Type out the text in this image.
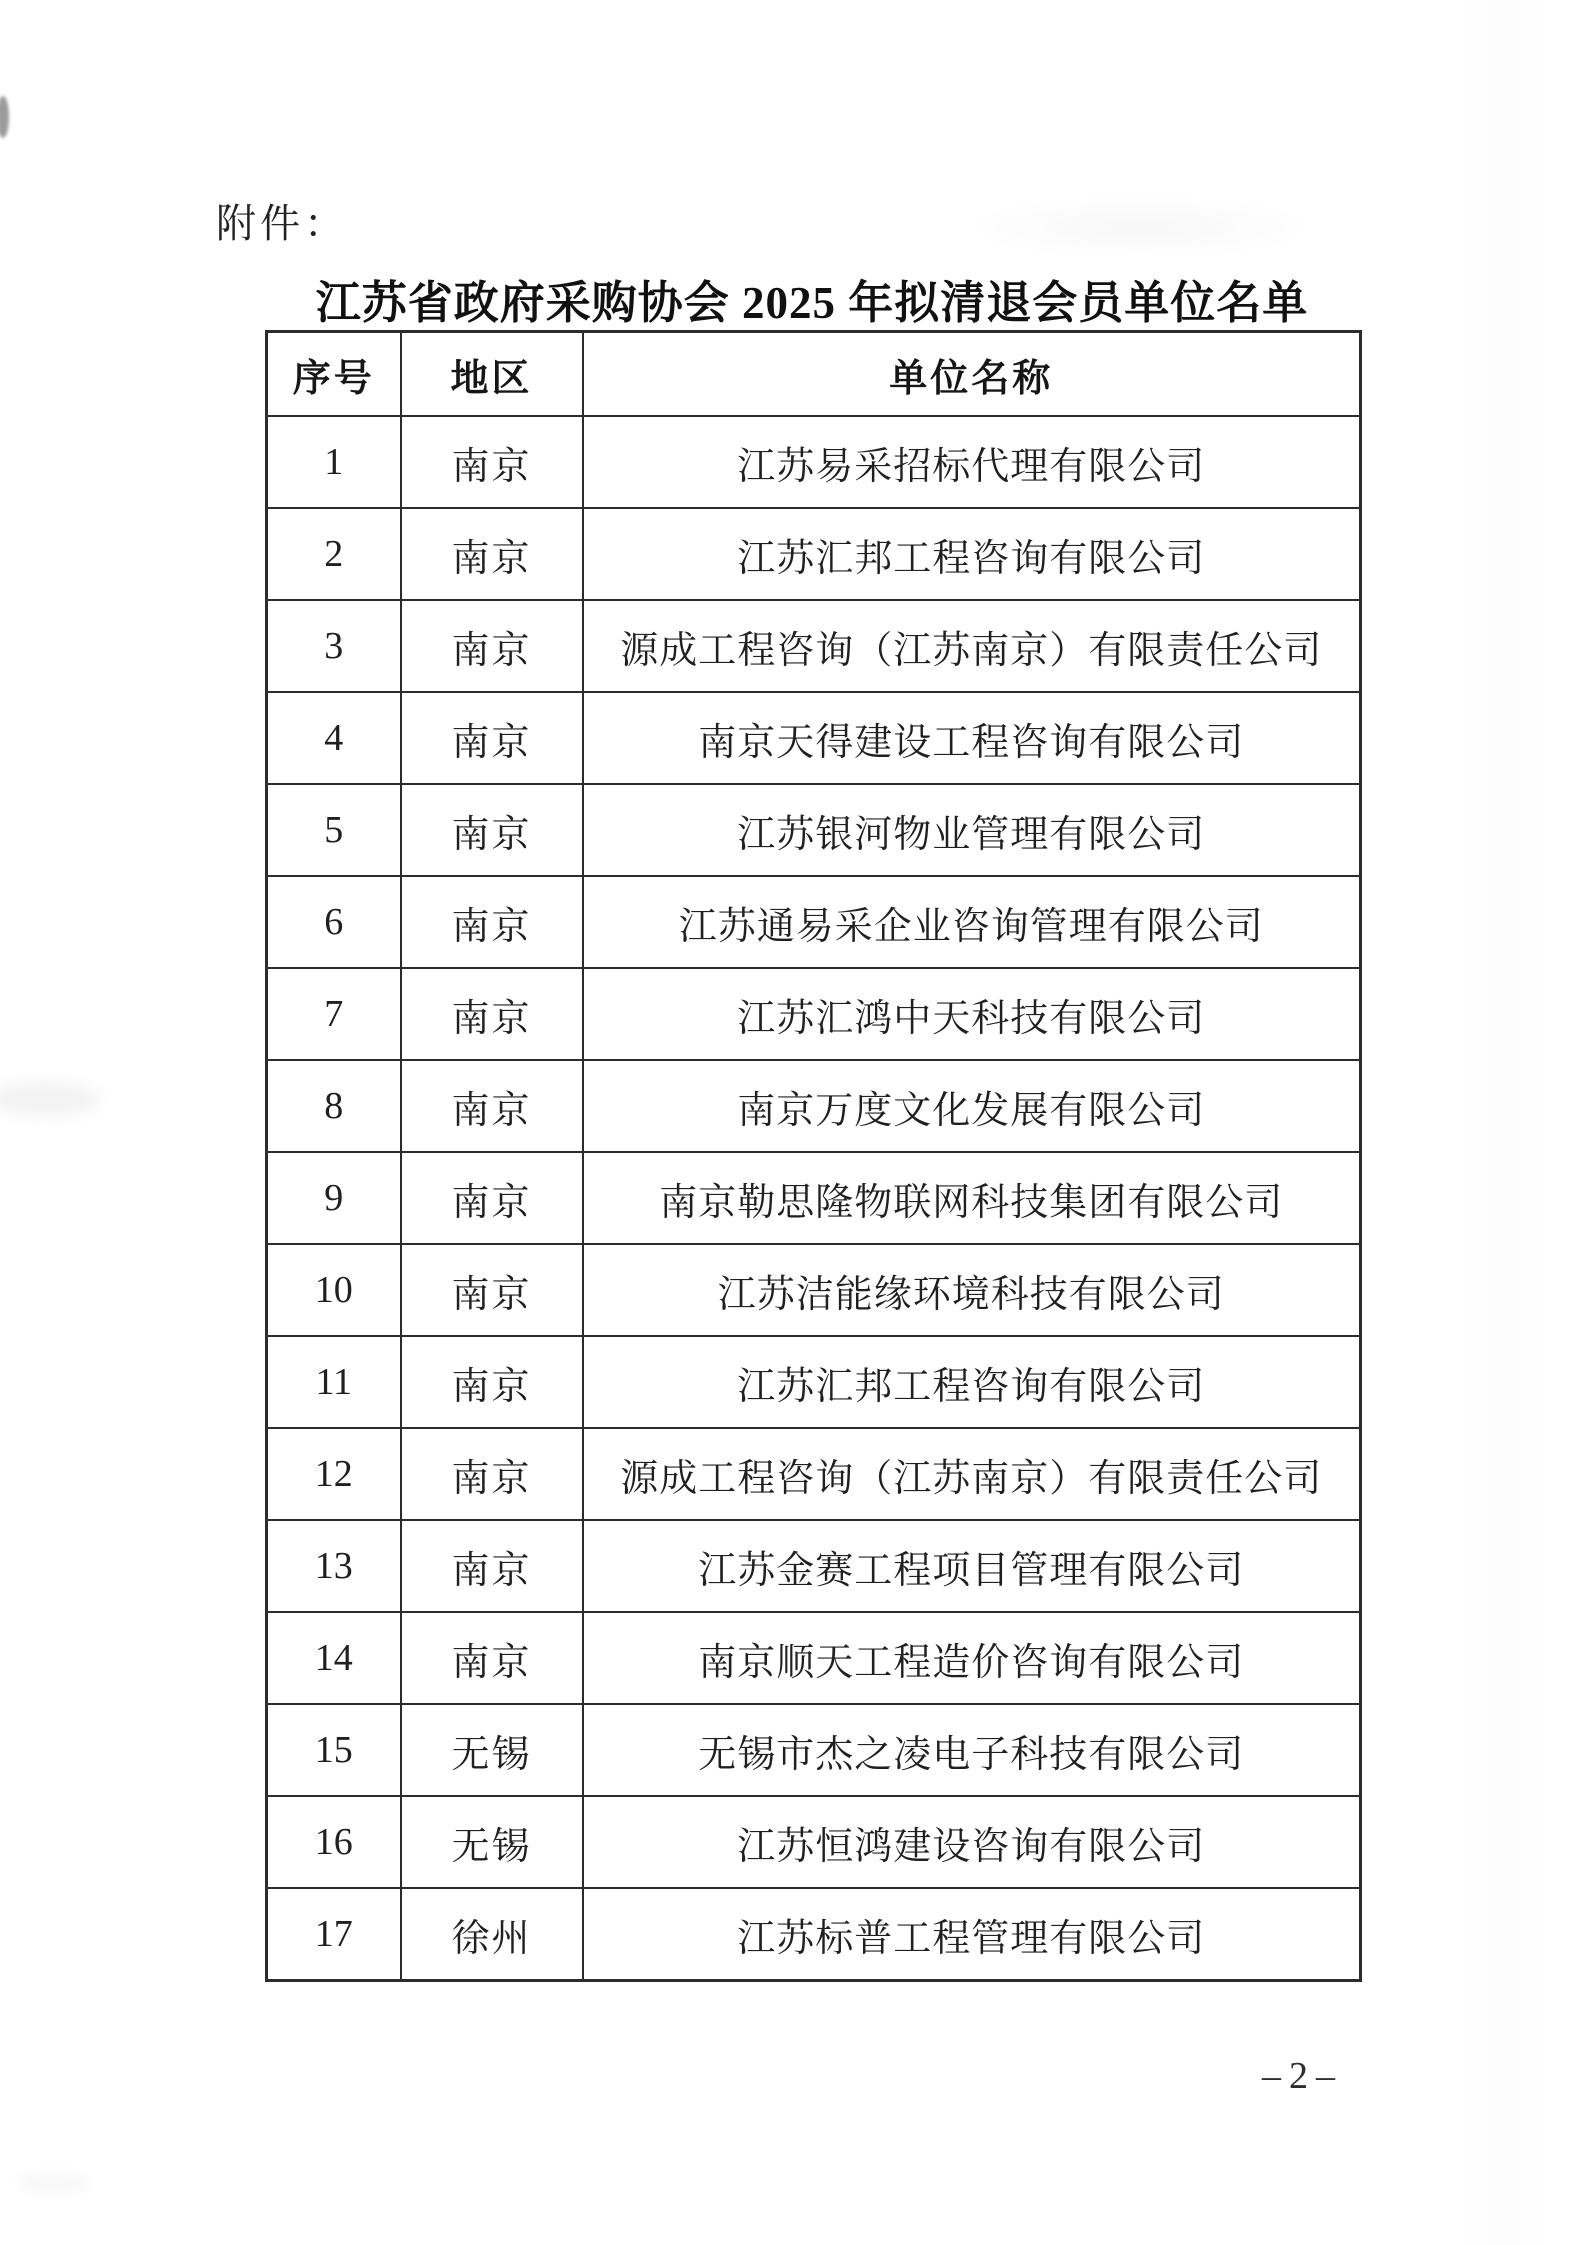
附件：
江苏省政府采购协会 2025 年拟清退会员单位名单
序号	地区	单位名称
1	南京	江苏易采招标代理有限公司
2	南京	江苏汇邦工程咨询有限公司
3	南京	源成工程咨询（江苏南京）有限责任公司
4	南京	南京天得建设工程咨询有限公司
5	南京	江苏银河物业管理有限公司
6	南京	江苏通易采企业咨询管理有限公司
7	南京	江苏汇鸿中天科技有限公司
8	南京	南京万度文化发展有限公司
9	南京	南京勒思隆物联网科技集团有限公司
10	南京	江苏洁能缘环境科技有限公司
11	南京	江苏汇邦工程咨询有限公司
12	南京	源成工程咨询（江苏南京）有限责任公司
13	南京	江苏金赛工程项目管理有限公司
14	南京	南京顺天工程造价咨询有限公司
15	无锡	无锡市杰之凌电子科技有限公司
16	无锡	江苏恒鸿建设咨询有限公司
17	徐州	江苏标普工程管理有限公司
–2–
